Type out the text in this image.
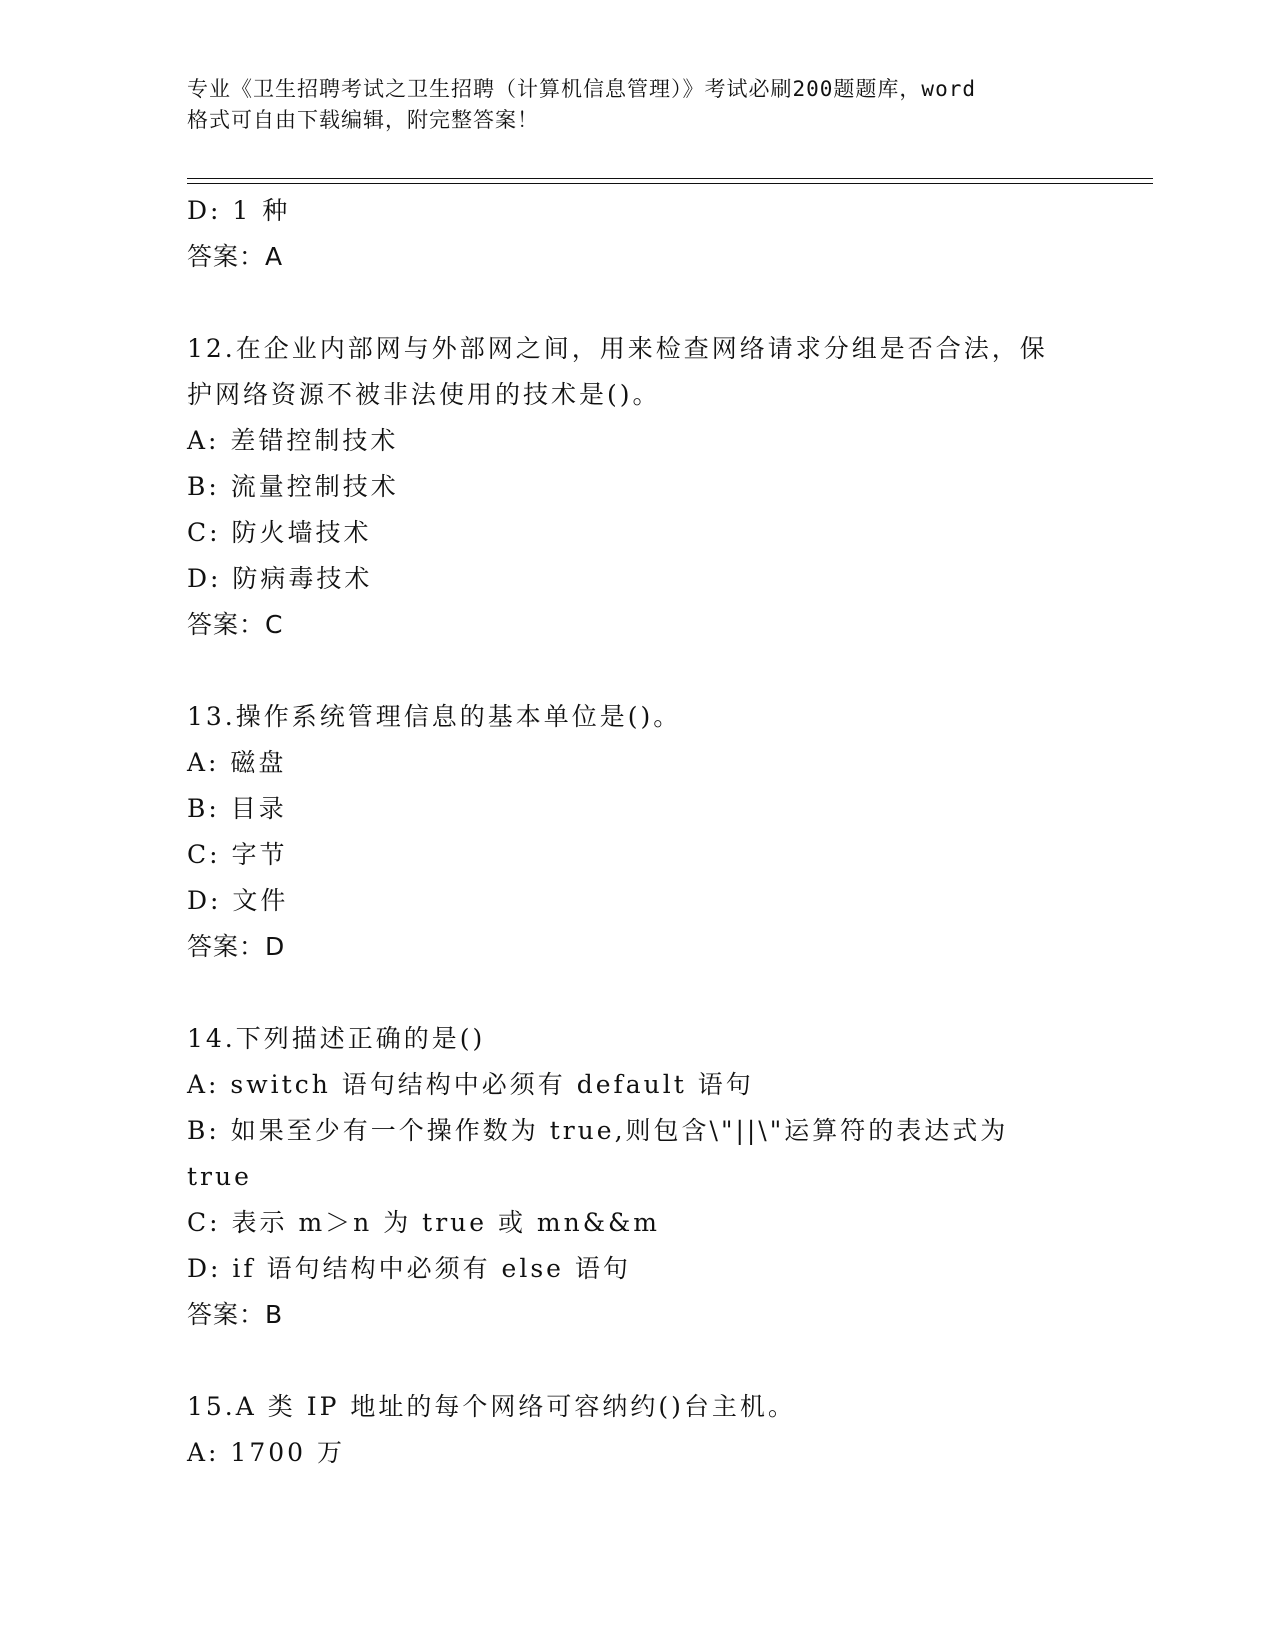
专业《卫生招聘考试之卫生招聘（计算机信息管理）》考试必刷200题题库，word
格式可自由下载编辑，附完整答案！
D: 1 种
答案：A
12.在企业内部网与外部网之间，用来检查网络请求分组是否合法，保
护网络资源不被非法使用的技术是()。
A: 差错控制技术
B: 流量控制技术
C: 防火墙技术
D: 防病毒技术
答案：C
13.操作系统管理信息的基本单位是()。
A: 磁盘
B: 目录
C: 字节
D: 文件
答案：D
14.下列描述正确的是()
A: switch 语句结构中必须有 default 语句
B: 如果至少有一个操作数为 true,则包含\"||\"运算符的表达式为
true
C: 表示 m＞n 为 true 或 mn&&m
D: if 语句结构中必须有 else 语句
答案：B
15.A 类 IP 地址的每个网络可容纳约()台主机。
A: 1700 万
